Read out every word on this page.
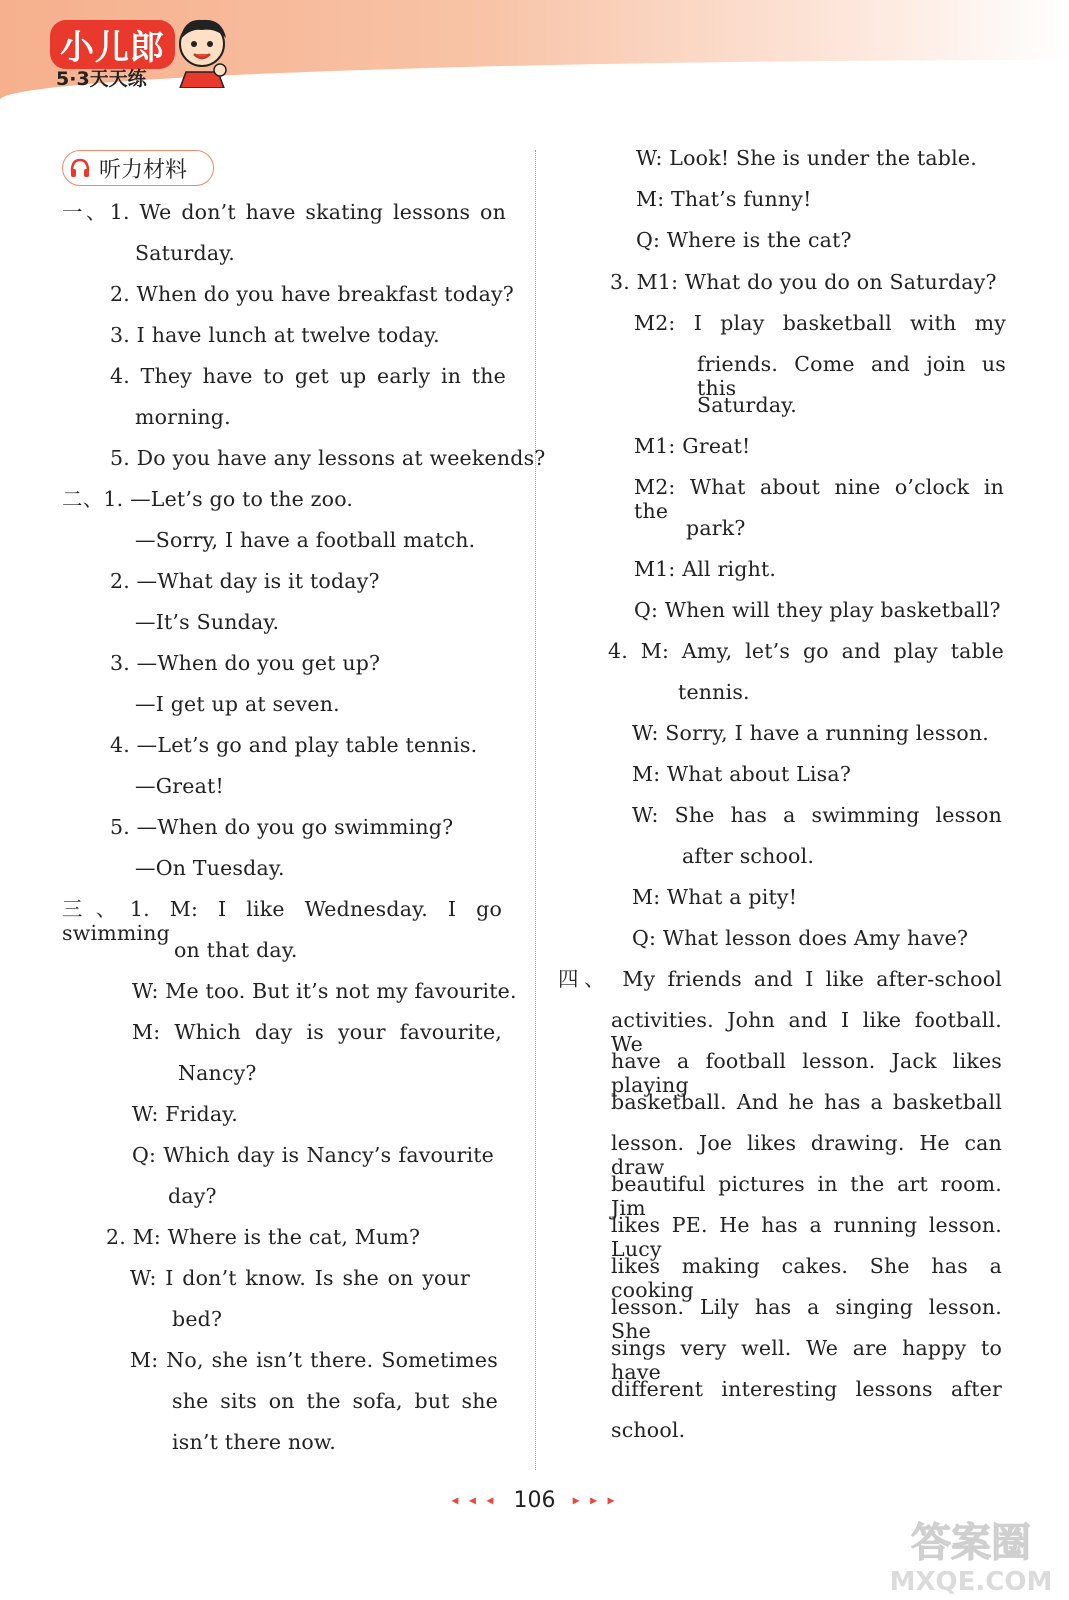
小儿郎
5·3天天练
听力材料
一、1. We don’t have skating lessons on
Saturday.
2. When do you have breakfast today?
3. I have lunch at twelve today.
4. They have to get up early in the
morning.
5. Do you have any lessons at weekends?
二、1. —Let’s go to the zoo.
—Sorry, I have a football match.
2. —What day is it today?
—It’s Sunday.
3. —When do you get up?
—I get up at seven.
4. —Let’s go and play table tennis.
—Great!
5. —When do you go swimming?
—On Tuesday.
三、1. M: I like Wednesday. I go swimming
on that day.
W: Me too. But it’s not my favourite.
M: Which day is your favourite,
Nancy?
W: Friday.
Q: Which day is Nancy’s favourite
day?
2. M: Where is the cat, Mum?
W: I don’t know. Is she on your
bed?
M: No, she isn’t there. Sometimes
she sits on the sofa, but she
isn’t there now.
W: Look! She is under the table.
M: That’s funny!
Q: Where is the cat?
3. M1: What do you do on Saturday?
M2: I play basketball with my
friends. Come and join us this
Saturday.
M1: Great!
M2: What about nine o’clock in the
park?
M1: All right.
Q: When will they play basketball?
4. M: Amy, let’s go and play table
tennis.
W: Sorry, I have a running lesson.
M: What about Lisa?
W: She has a swimming lesson
after school.
M: What a pity!
Q: What lesson does Amy have?
四、 My friends and I like after-school
activities. John and I like football. We
have a football lesson. Jack likes playing
basketball. And he has a basketball
lesson. Joe likes drawing. He can draw
beautiful pictures in the art room. Jim
likes PE. He has a running lesson. Lucy
likes making cakes. She has a cooking
lesson. Lily has a singing lesson. She
sings very well. We are happy to have
different interesting lessons after
school.
◂ ◂ ◂ 106 ▸ ▸ ▸
答案圈
MXQE.COM
